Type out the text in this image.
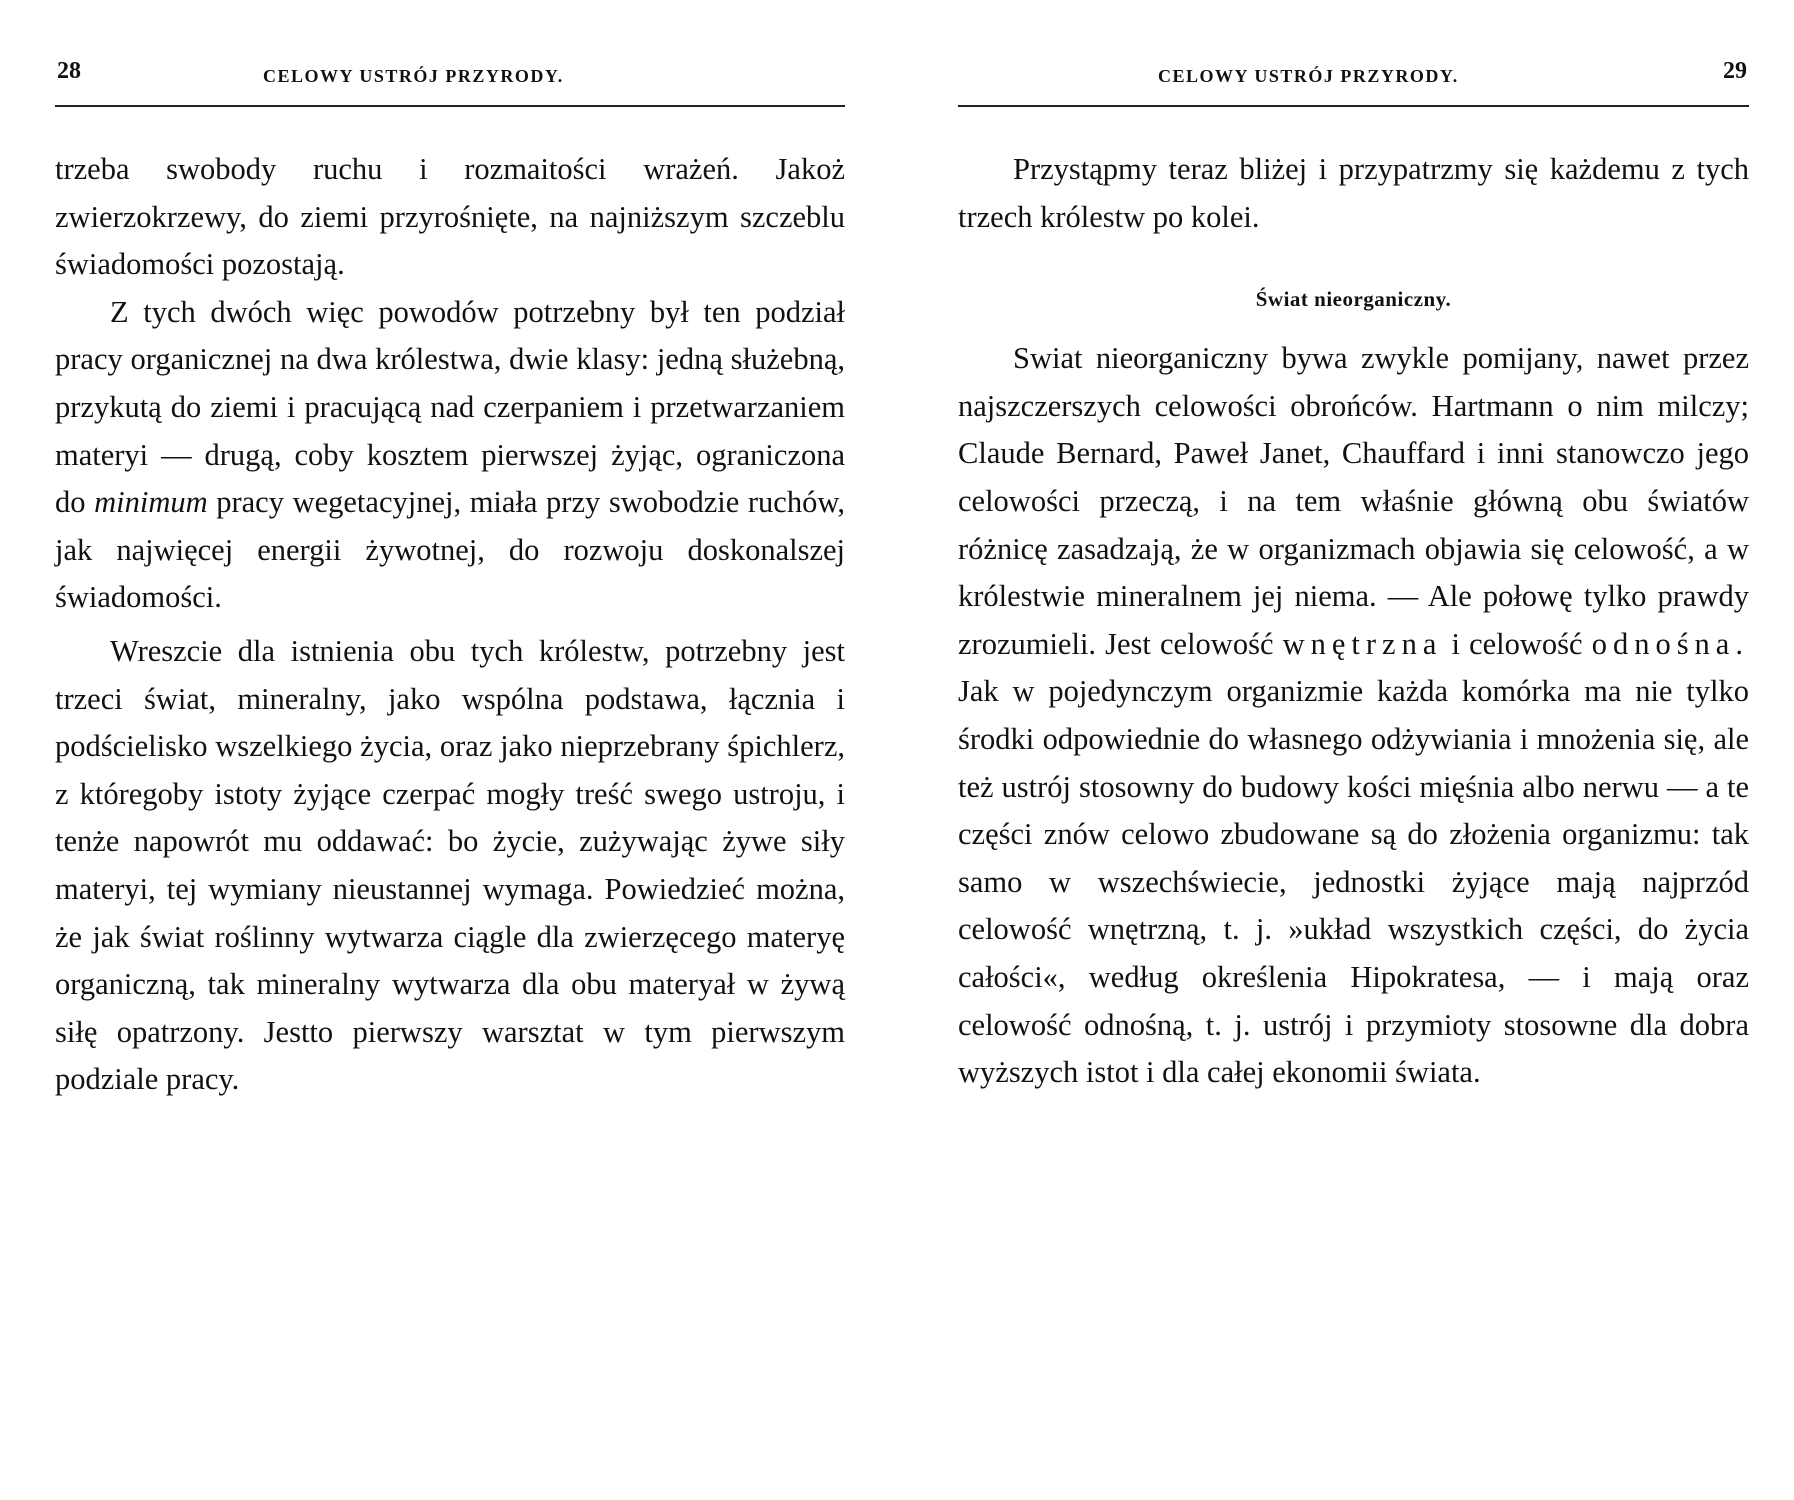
28	CELOWY USTRÓJ PRZYRODY.

trzeba swobody ruchu i rozmaitości wrażeń. Jakoż zwierzokrzewy, do ziemi przyrośnięte, na najniższym szczeblu świadomości pozostają.

Z tych dwóch więc powodów potrzebny był ten podział pracy organicznej na dwa królestwa, dwie klasy: jedną służebną, przykutą do ziemi i pracującą nad czerpaniem i przetwarzaniem materyi — drugą, coby kosztem pierwszej żyjąc, ograniczona do minimum pracy wegetacyjnej, miała przy swobodzie ruchów, jak najwięcej energii żywotnej, do rozwoju doskonalszej świadomości.

Wreszcie dla istnienia obu tych królestw, potrzebny jest trzeci świat, mineralny, jako wspólna podstawa, łącznia i podścielisko wszelkiego życia, oraz jako nieprzebrany śpichlerz, z któregoby istoty żyjące czerpać mogły treść swego ustroju, i tenże napowrót mu oddawać: bo życie, zużywając żywe siły materyi, tej wymiany nieustannej wymaga. Powiedzieć można, że jak świat roślinny wytwarza ciągle dla zwierzęcego materyę organiczną, tak mineralny wytwarza dla obu materyał w żywą siłę opatrzony. Jestto pierwszy warsztat w tym pierwszym podziale pracy.

CELOWY USTRÓJ PRZYRODY.	29

Przystąpmy teraz bliżej i przypatrzmy się każdemu z tych trzech królestw po kolei.

Świat nieorganiczny.

Swiat nieorganiczny bywa zwykle pomijany, nawet przez najszczerszych celowości obrońców. Hartmann o nim milczy; Claude Bernard, Paweł Janet, Chauffard i inni stanowczo jego celowości przeczą, i na tem właśnie główną obu światów różnicę zasadzają, że w organizmach objawia się celowość, a w królestwie mineralnem jej niema. — Ale połowę tylko prawdy zrozumieli. Jest celowość wnętrzna i celowość odnośna. Jak w pojedynczym organizmie każda komórka ma nie tylko środki odpowiednie do własnego odżywiania i mnożenia się, ale też ustrój stosowny do budowy kości mięśnia albo nerwu — a te części znów celowo zbudowane są do złożenia organizmu: tak samo w wszechświecie, jednostki żyjące mają najprzód celowość wnętrzną, t. j. »układ wszystkich części, do życia całości«, według określenia Hipokratesa, — i mają oraz celowość odnośną, t. j. ustrój i przymioty stosowne dla dobra wyższych istot i dla całej ekonomii świata.
